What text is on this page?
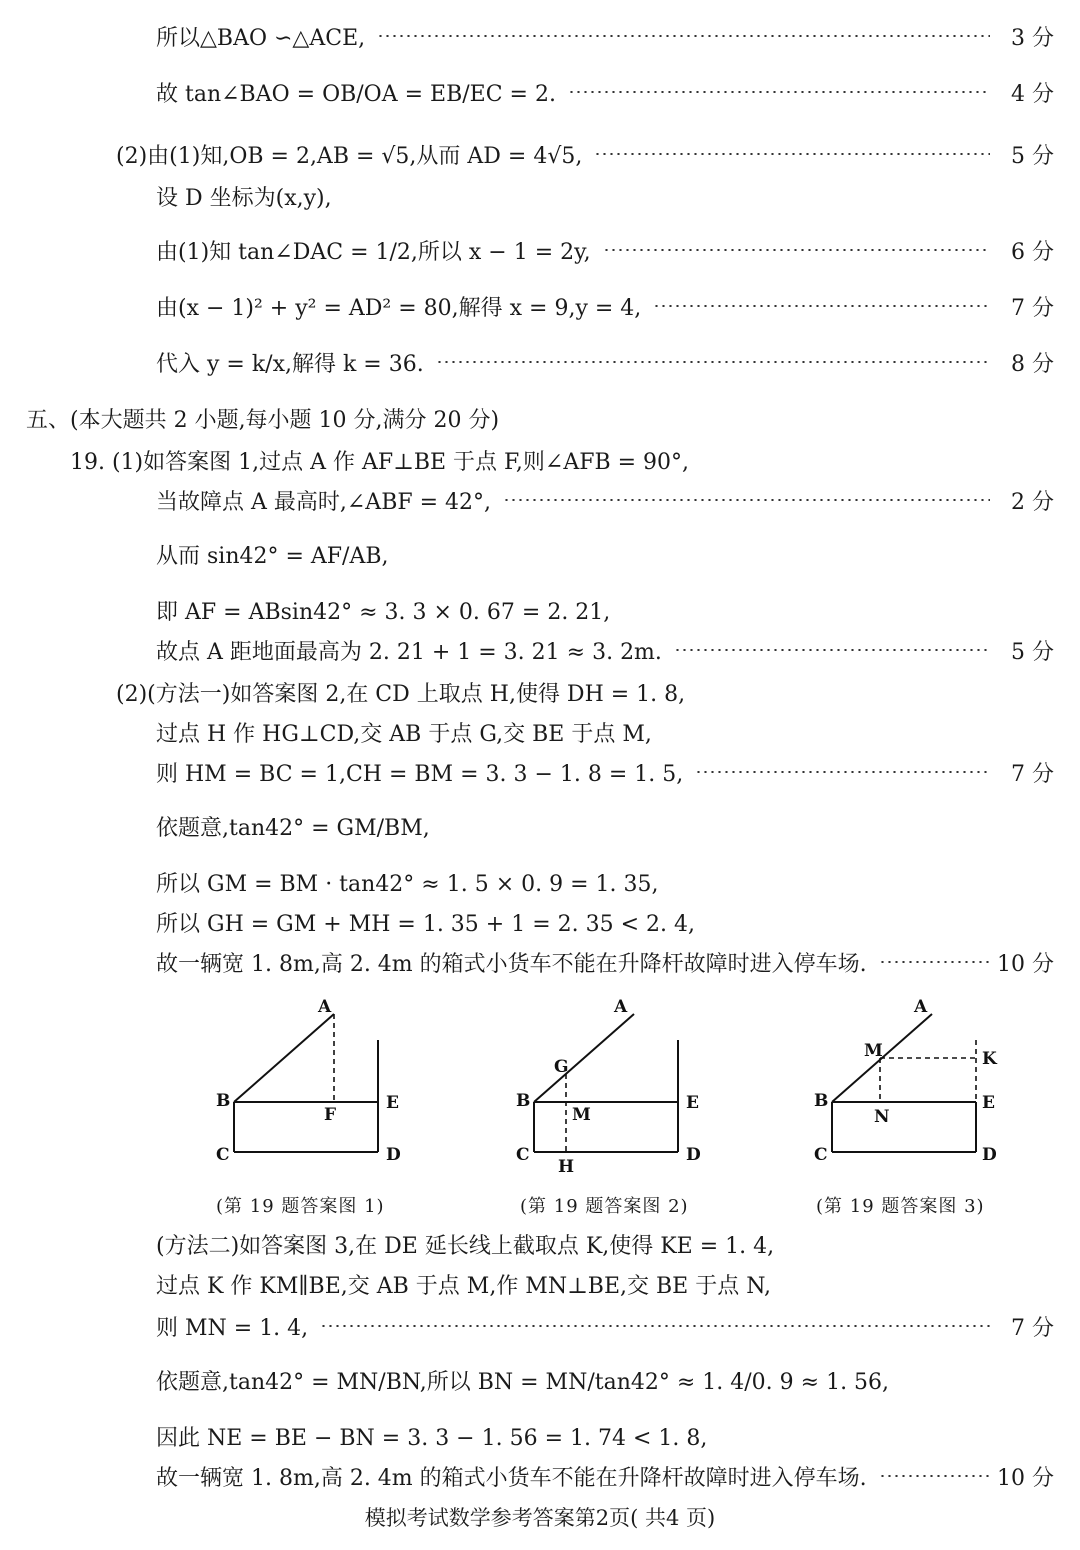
所以△BAO ∽△ACE,	3 分
故 tan∠BAO = OB/OA = EB/EC = 2.	4 分
(2)由(1)知,OB = 2,AB = √5,从而 AD = 4√5,	5 分
设 D 坐标为(x,y),
由(1)知 tan∠DAC = 1/2,所以 x − 1 = 2y,	6 分
由(x − 1)² + y² = AD² = 80,解得 x = 9,y = 4,	7 分
代入 y = k/x,解得 k = 36.	8 分
五、(本大题共 2 小题,每小题 10 分,满分 20 分)
19. (1)如答案图 1,过点 A 作 AF⊥BE 于点 F,则∠AFB = 90°,
当故障点 A 最高时,∠ABF = 42°,	2 分
从而 sin42° = AF/AB,
即 AF = ABsin42° ≈ 3. 3 × 0. 67 = 2. 21,
故点 A 距地面最高为 2. 21 + 1 = 3. 21 ≈ 3. 2m.	5 分
(2)(方法一)如答案图 2,在 CD 上取点 H,使得 DH = 1. 8,
过点 H 作 HG⊥CD,交 AB 于点 G,交 BE 于点 M,
则 HM = BC = 1,CH = BM = 3. 3 − 1. 8 = 1. 5,	7 分
依题意,tan42° = GM/BM,
所以 GM = BM · tan42° ≈ 1. 5 × 0. 9 = 1. 35,
所以 GH = GM + MH = 1. 35 + 1 = 2. 35 < 2. 4,
故一辆宽 1. 8m,高 2. 4m 的箱式小货车不能在升降杆故障时进入停车场.	10 分
(方法二)如答案图 3,在 DE 延长线上截取点 K,使得 KE = 1. 4,
过点 K 作 KM∥BE,交 AB 于点 M,作 MN⊥BE,交 BE 于点 N,
则 MN = 1. 4,	7 分
依题意,tan42° = MN/BN,所以 BN = MN/tan42° ≈ 1. 4/0. 9 ≈ 1. 56,
因此 NE = BE − BN = 3. 3 − 1. 56 = 1. 74 < 1. 8,
故一辆宽 1. 8m,高 2. 4m 的箱式小货车不能在升降杆故障时进入停车场.	10 分
A
B
C	D
E
F
A
G
B
M
C
H
D
E
A
M	K
B
N
E
C	D
(第 19 题答案图 1)	(第 19 题答案图 2)	(第 19 题答案图 3)
模拟考试数学参考答案第2页( 共4 页)
